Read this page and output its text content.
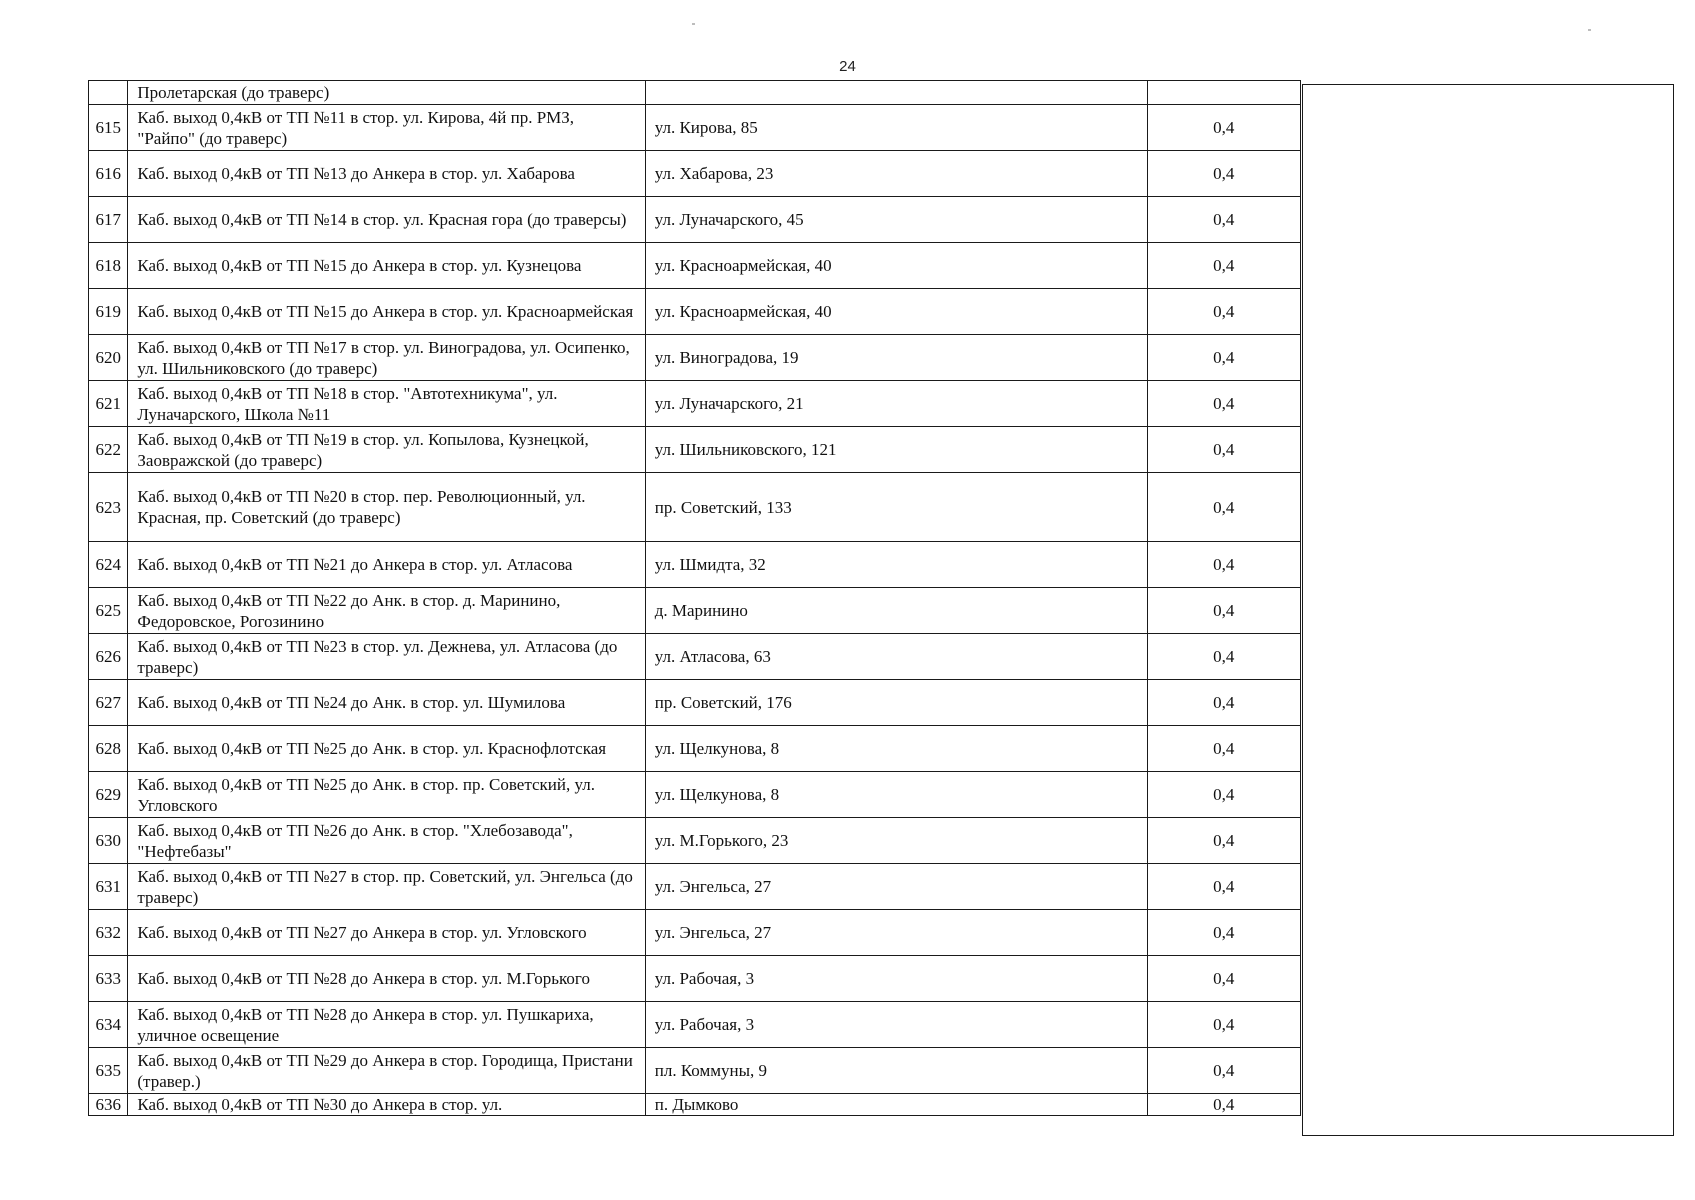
24
	Пролетарская (до траверс)		
615	Каб. выход 0,4кВ от ТП №11 в стор. ул. Кирова, 4й пр. РМЗ, "Райпо" (до траверс)	ул. Кирова, 85	0,4
616	Каб. выход 0,4кВ от ТП №13 до Анкера в стор. ул. Хабарова	ул. Хабарова, 23	0,4
617	Каб. выход 0,4кВ от ТП №14 в стор. ул. Красная гора (до траверсы)	ул. Луначарского, 45	0,4
618	Каб. выход 0,4кВ от ТП №15 до Анкера в стор. ул. Кузнецова	ул. Красноармейская, 40	0,4
619	Каб. выход 0,4кВ от ТП №15 до Анкера в стор. ул. Красноармейская	ул. Красноармейская, 40	0,4
620	Каб. выход 0,4кВ от ТП №17 в стор. ул. Виноградова, ул. Осипенко, ул. Шильниковского (до траверс)	ул. Виноградова, 19	0,4
621	Каб. выход 0,4кВ от ТП №18 в стор. "Автотехникума", ул. Луначарского, Школа №11	ул. Луначарского, 21	0,4
622	Каб. выход 0,4кВ от ТП №19 в стор. ул. Копылова, Кузнецкой, Заовражской (до траверс)	ул. Шильниковского, 121	0,4
623	Каб. выход 0,4кВ от ТП №20 в стор. пер. Революционный, ул. Красная, пр. Советский (до траверс)	пр. Советский, 133	0,4
624	Каб. выход 0,4кВ от ТП №21 до Анкера в стор. ул. Атласова	ул. Шмидта, 32	0,4
625	Каб. выход 0,4кВ от ТП №22 до Анк. в стор. д. Маринино, Федоровское, Рогозинино	д. Маринино	0,4
626	Каб. выход 0,4кВ от ТП №23 в стор. ул. Дежнева, ул. Атласова (до траверс)	ул. Атласова, 63	0,4
627	Каб. выход 0,4кВ от ТП №24 до Анк. в стор. ул. Шумилова	пр. Советский, 176	0,4
628	Каб. выход 0,4кВ от ТП №25 до Анк. в стор. ул. Краснофлотская	ул. Щелкунова, 8	0,4
629	Каб. выход 0,4кВ от ТП №25 до Анк. в стор. пр. Советский, ул. Угловского	ул. Щелкунова, 8	0,4
630	Каб. выход 0,4кВ от ТП №26 до Анк. в стор. "Хлебозавода", "Нефтебазы"	ул. М.Горького, 23	0,4
631	Каб. выход 0,4кВ от ТП №27 в стор. пр. Советский, ул. Энгельса (до траверс)	ул. Энгельса, 27	0,4
632	Каб. выход 0,4кВ от ТП №27 до Анкера в стор. ул. Угловского	ул. Энгельса, 27	0,4
633	Каб. выход 0,4кВ от ТП №28 до Анкера в стор. ул. М.Горького	ул. Рабочая, 3	0,4
634	Каб. выход 0,4кВ от ТП №28 до Анкера в стор. ул. Пушкариха, уличное освещение	ул. Рабочая, 3	0,4
635	Каб. выход 0,4кВ от ТП №29 до Анкера в стор. Городища, Пристани (травер.)	пл. Коммуны, 9	0,4
636	Каб. выход 0,4кВ от ТП №30 до Анкера в стор. ул.	п. Дымково	0,4
